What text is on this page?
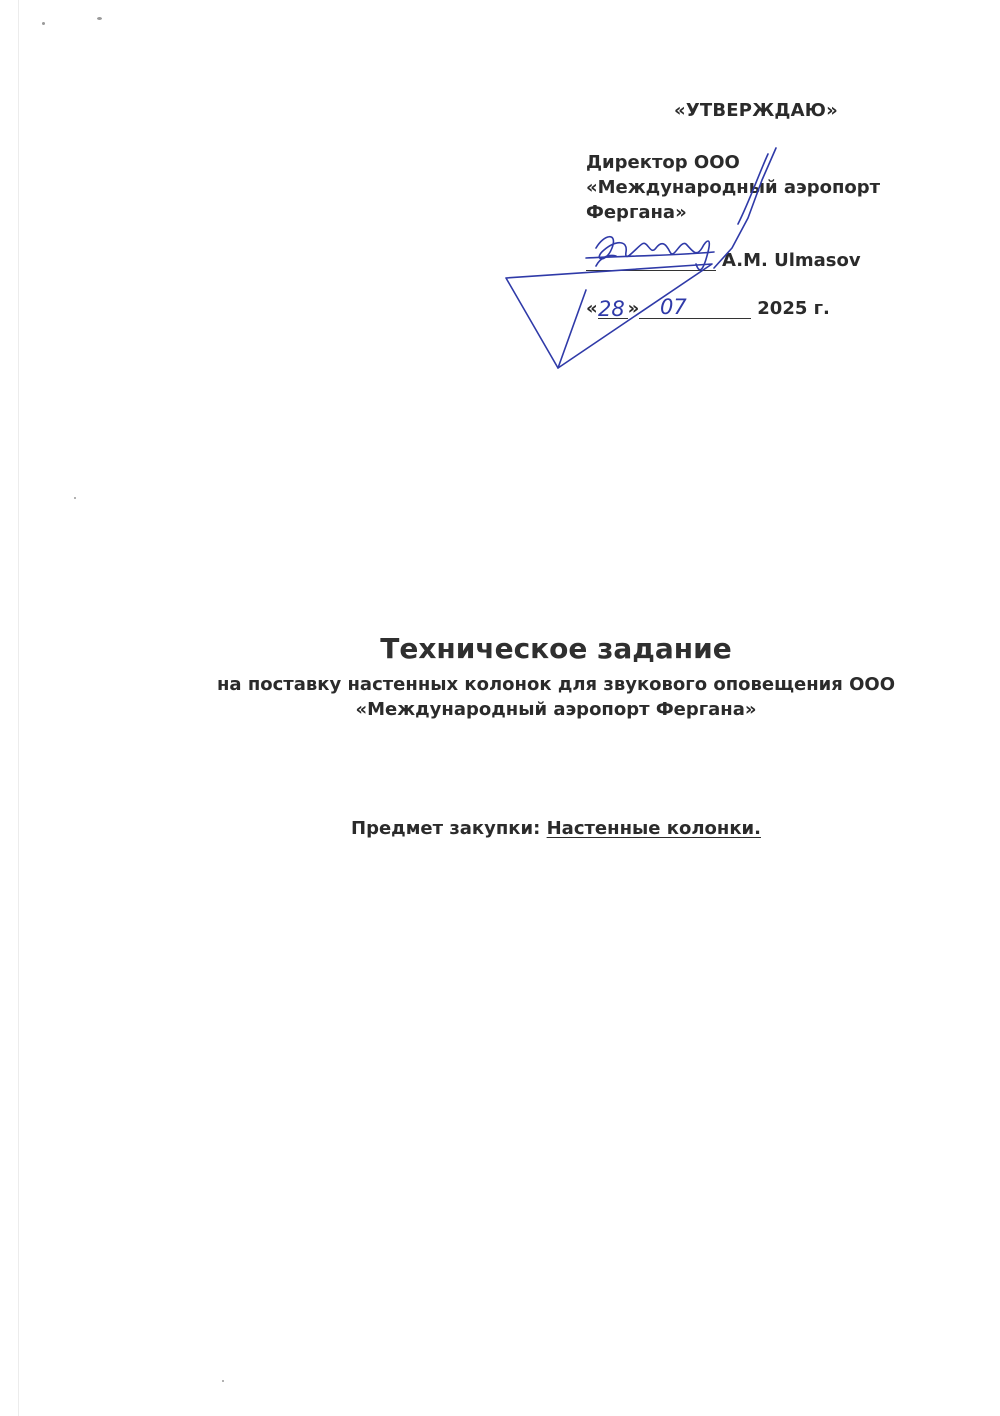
«УТВЕРЖДАЮ»
Директор ООО
«Международный аэропорт
Фергана»
A.M. Ulmasov
« »	2025 г.
28 07
Техническое задание
на поставку настенных колонок для звукового оповещения ООО
«Международный аэропорт Фергана»
Предмет закупки: Настенные колонки.
